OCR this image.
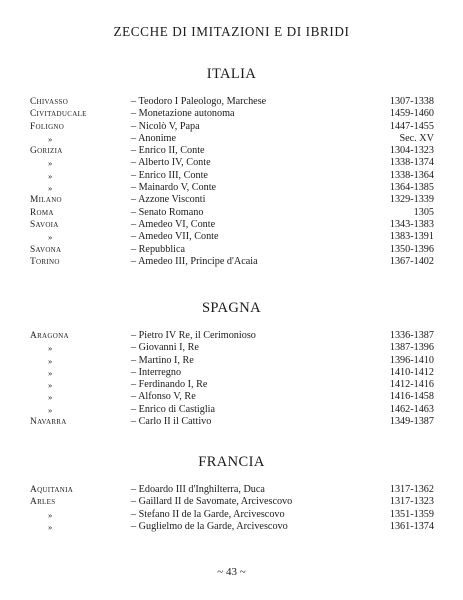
ZECCHE DI IMITAZIONI E DI IBRIDI
ITALIA
Chivasso	– Teodoro I Paleologo, Marchese	1307-1338
Civitaducale	– Monetazione autonoma	1459-1460
Foligno	– Nicolò V, Papa	1447-1455
»	– Anonime	Sec. XV
Gorizia	– Enrico II, Conte	1304-1323
»	– Alberto IV, Conte	1338-1374
»	– Enrico III, Conte	1338-1364
»	– Mainardo V, Conte	1364-1385
Milano	– Azzone Visconti	1329-1339
Roma	– Senato Romano	1305
Savoia	– Amedeo VI, Conte	1343-1383
»	– Amedeo VII, Conte	1383-1391
Savona	– Repubblica	1350-1396
Torino	– Amedeo III, Principe d'Acaia	1367-1402
SPAGNA
Aragona	– Pietro IV Re, il Cerimonioso	1336-1387
»	– Giovanni I, Re	1387-1396
»	– Martino I, Re	1396-1410
»	– Interregno	1410-1412
»	– Ferdinando I, Re	1412-1416
»	– Alfonso V, Re	1416-1458
»	– Enrico di Castiglia	1462-1463
Navarra	– Carlo II il Cattivo	1349-1387
FRANCIA
Aquitania	– Edoardo III d'Inghilterra, Duca	1317-1362
Arles	– Gaillard II de Savomate, Arcivescovo	1317-1323
»	– Stefano II de la Garde, Arcivescovo	1351-1359
»	– Guglielmo de la Garde, Arcivescovo	1361-1374
~ 43 ~
